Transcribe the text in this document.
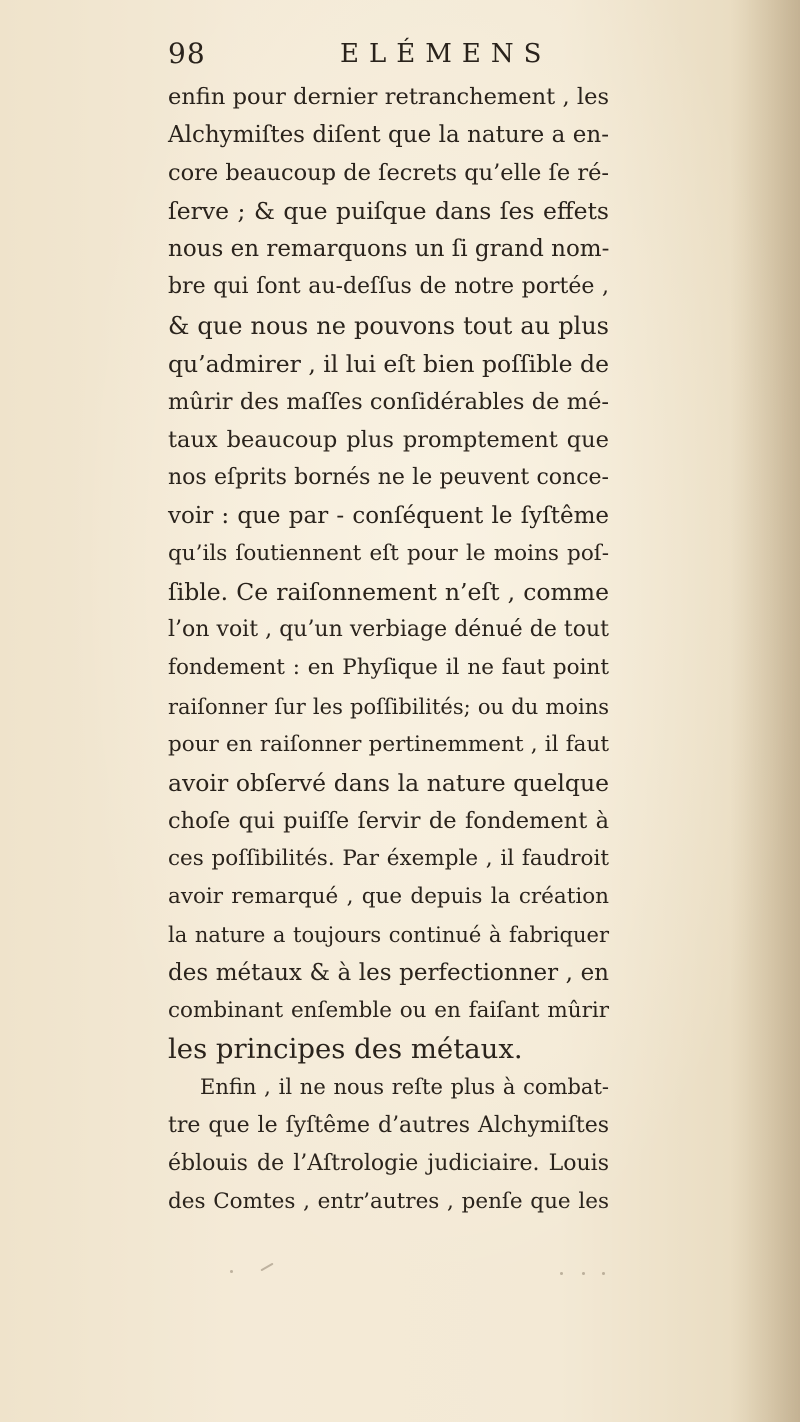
98	ELÉMENS
enfin pour dernier retranchement , les
Alchymiſtes diſent que la nature a en-
core beaucoup de ſecrets qu’elle ſe ré-
ſerve ; & que puiſque dans ſes effets
nous en remarquons un ſi grand nom-
bre qui ſont au-deſſus de notre portée ,
& que nous ne pouvons tout au plus
qu’admirer , il lui eſt bien poſſible de
mûrir des maſſes conſidérables de mé-
taux beaucoup plus promptement que
nos eſprits bornés ne le peuvent conce-
voir : que par - conſéquent le ſyſtême
qu’ils ſoutiennent eſt pour le moins poſ-
ſible. Ce raiſonnement n’eſt , comme
l’on voit , qu’un verbiage dénué de tout
fondement : en Phyſique il ne faut point
raiſonner ſur les poſſibilités; ou du moins
pour en raiſonner pertinemment , il faut
avoir obſervé dans la nature quelque
choſe qui puiſſe ſervir de fondement à
ces poſſibilités. Par éxemple , il faudroit
avoir remarqué , que depuis la création
la nature a toujours continué à fabriquer
des métaux & à les perfectionner , en
combinant enſemble ou en faiſant mûrir
les principes des métaux.
Enfin , il ne nous reſte plus à combat-
tre que le ſyſtême d’autres Alchymiſtes
éblouis de l’Aſtrologie judiciaire. Louis
des Comtes , entr’autres , penſe que les
